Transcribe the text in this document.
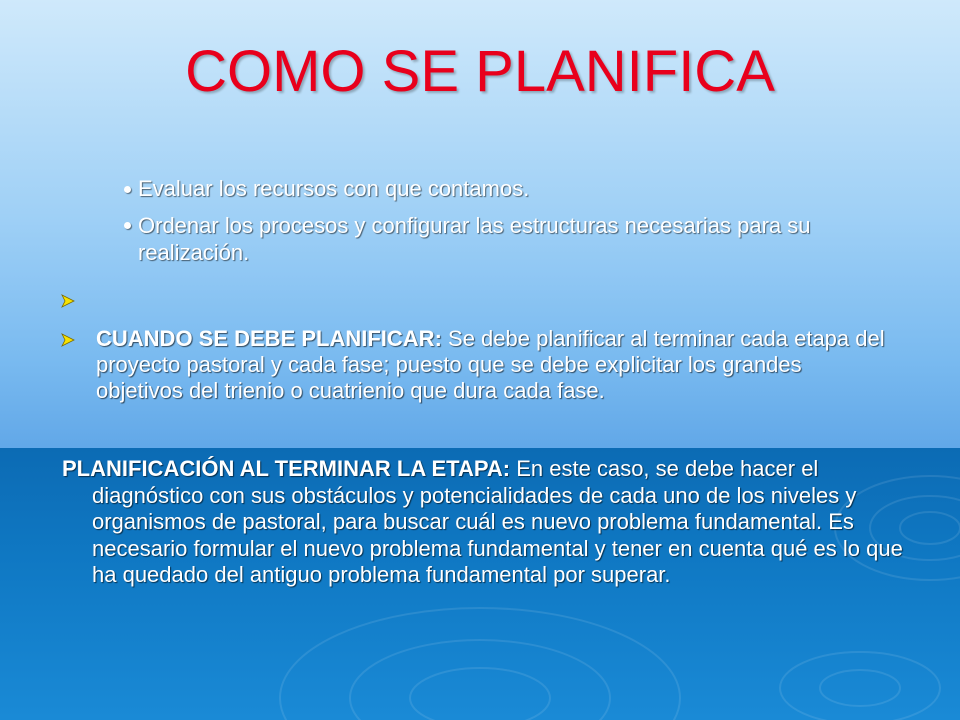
COMO SE PLANIFICA
Evaluar los recursos con que contamos.
Ordenar los procesos y configurar las estructuras necesarias para su realización.
CUANDO SE DEBE PLANIFICAR: Se debe planificar al terminar cada etapa del proyecto pastoral y cada fase; puesto que se debe explicitar los grandes objetivos del trienio o cuatrienio que dura cada fase.
PLANIFICACIÓN AL TERMINAR LA ETAPA: En este caso, se debe hacer el diagnóstico con sus obstáculos y potencialidades de cada uno de los niveles y organismos de pastoral, para buscar cuál es nuevo problema fundamental. Es necesario formular el nuevo problema fundamental y tener en cuenta qué es lo que ha quedado del antiguo problema fundamental por superar.
